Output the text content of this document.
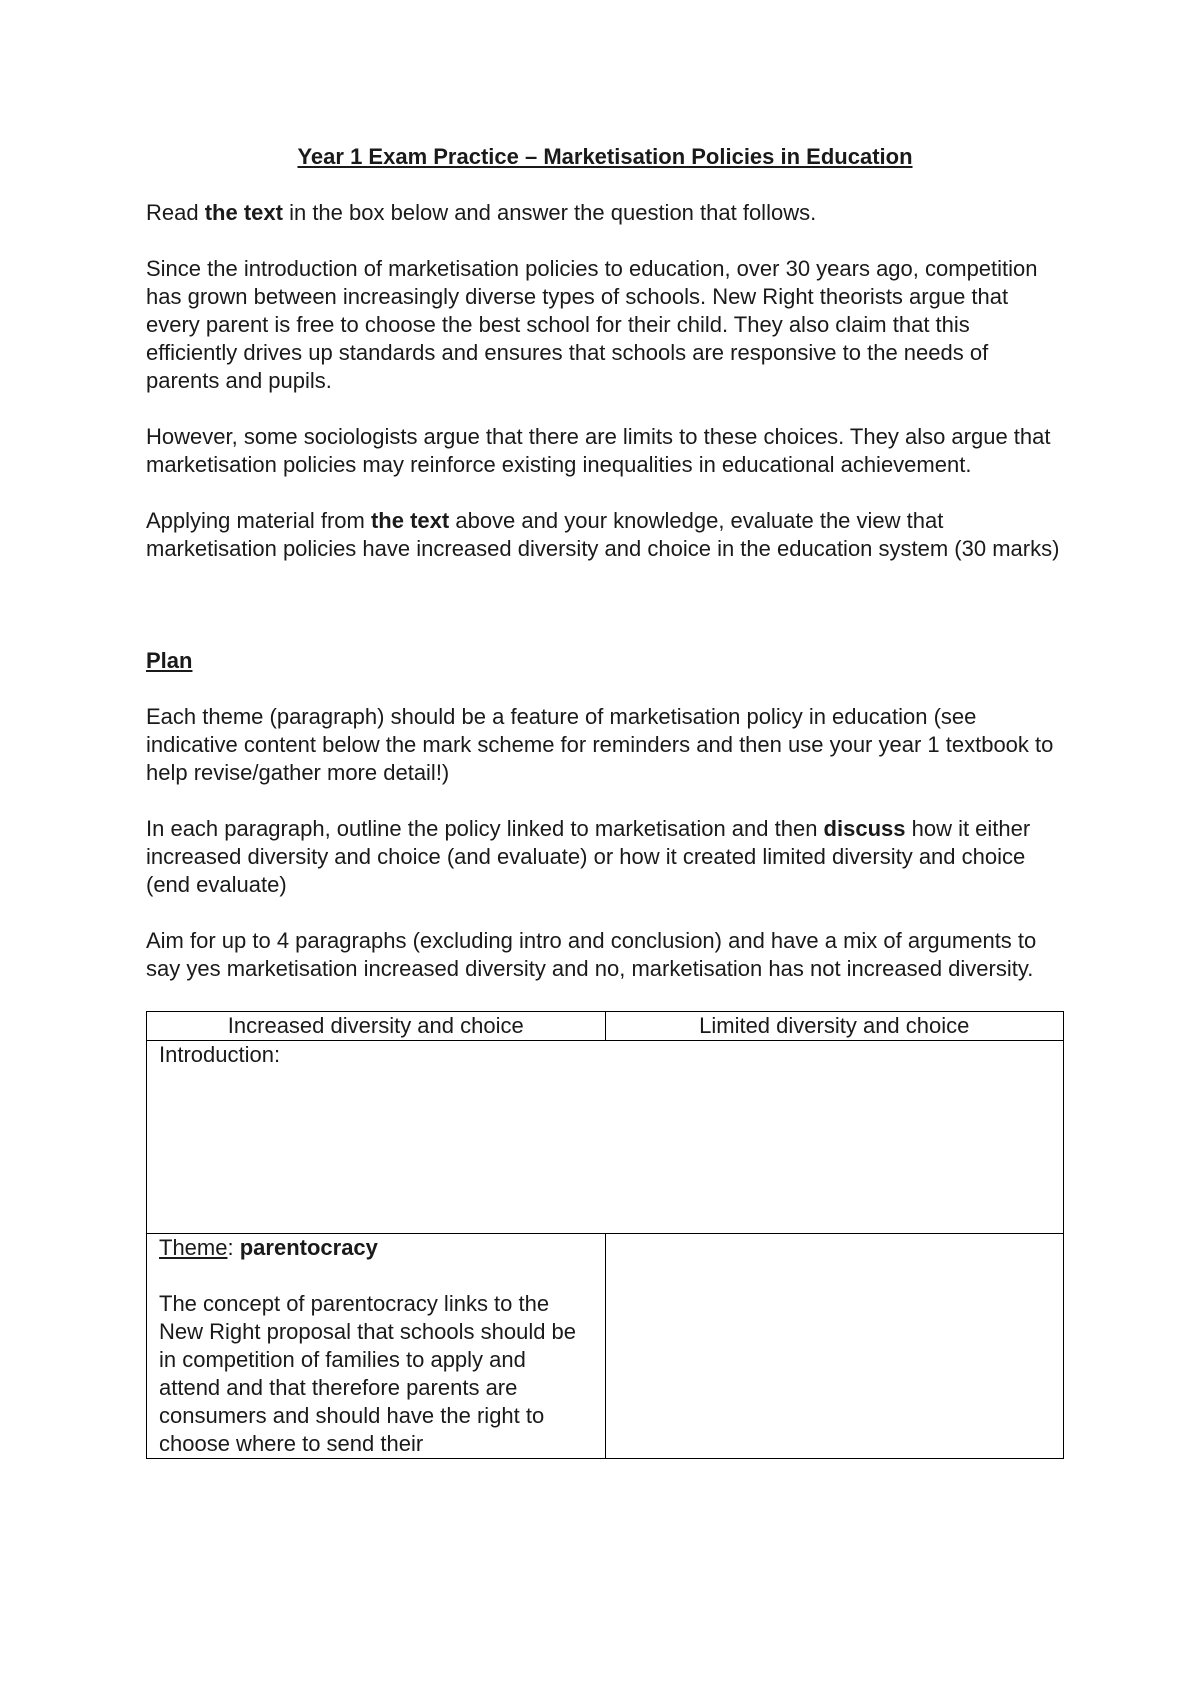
Year 1 Exam Practice – Marketisation Policies in Education

Read the text in the box below and answer the question that follows.

Since the introduction of marketisation policies to education, over 30 years ago, competition has grown between increasingly diverse types of schools. New Right theorists argue that every parent is free to choose the best school for their child. They also claim that this efficiently drives up standards and ensures that schools are responsive to the needs of parents and pupils.

However, some sociologists argue that there are limits to these choices. They also argue that marketisation policies may reinforce existing inequalities in educational achievement.

Applying material from the text above and your knowledge, evaluate the view that marketisation policies have increased diversity and choice in the education system (30 marks)

Plan

Each theme (paragraph) should be a feature of marketisation policy in education (see indicative content below the mark scheme for reminders and then use your year 1 textbook to help revise/gather more detail!)

In each paragraph, outline the policy linked to marketisation and then discuss how it either increased diversity and choice (and evaluate) or how it created limited diversity and choice (end evaluate)

Aim for up to 4 paragraphs (excluding intro and conclusion) and have a mix of arguments to say yes marketisation increased diversity and no, marketisation has not increased diversity.

Increased diversity and choice	Limited diversity and choice
Introduction:	

Theme: parentocracy

The concept of parentocracy links to the New Right proposal that schools should be in competition of families to apply and attend and that therefore parents are consumers and should have the right to choose where to send their	
